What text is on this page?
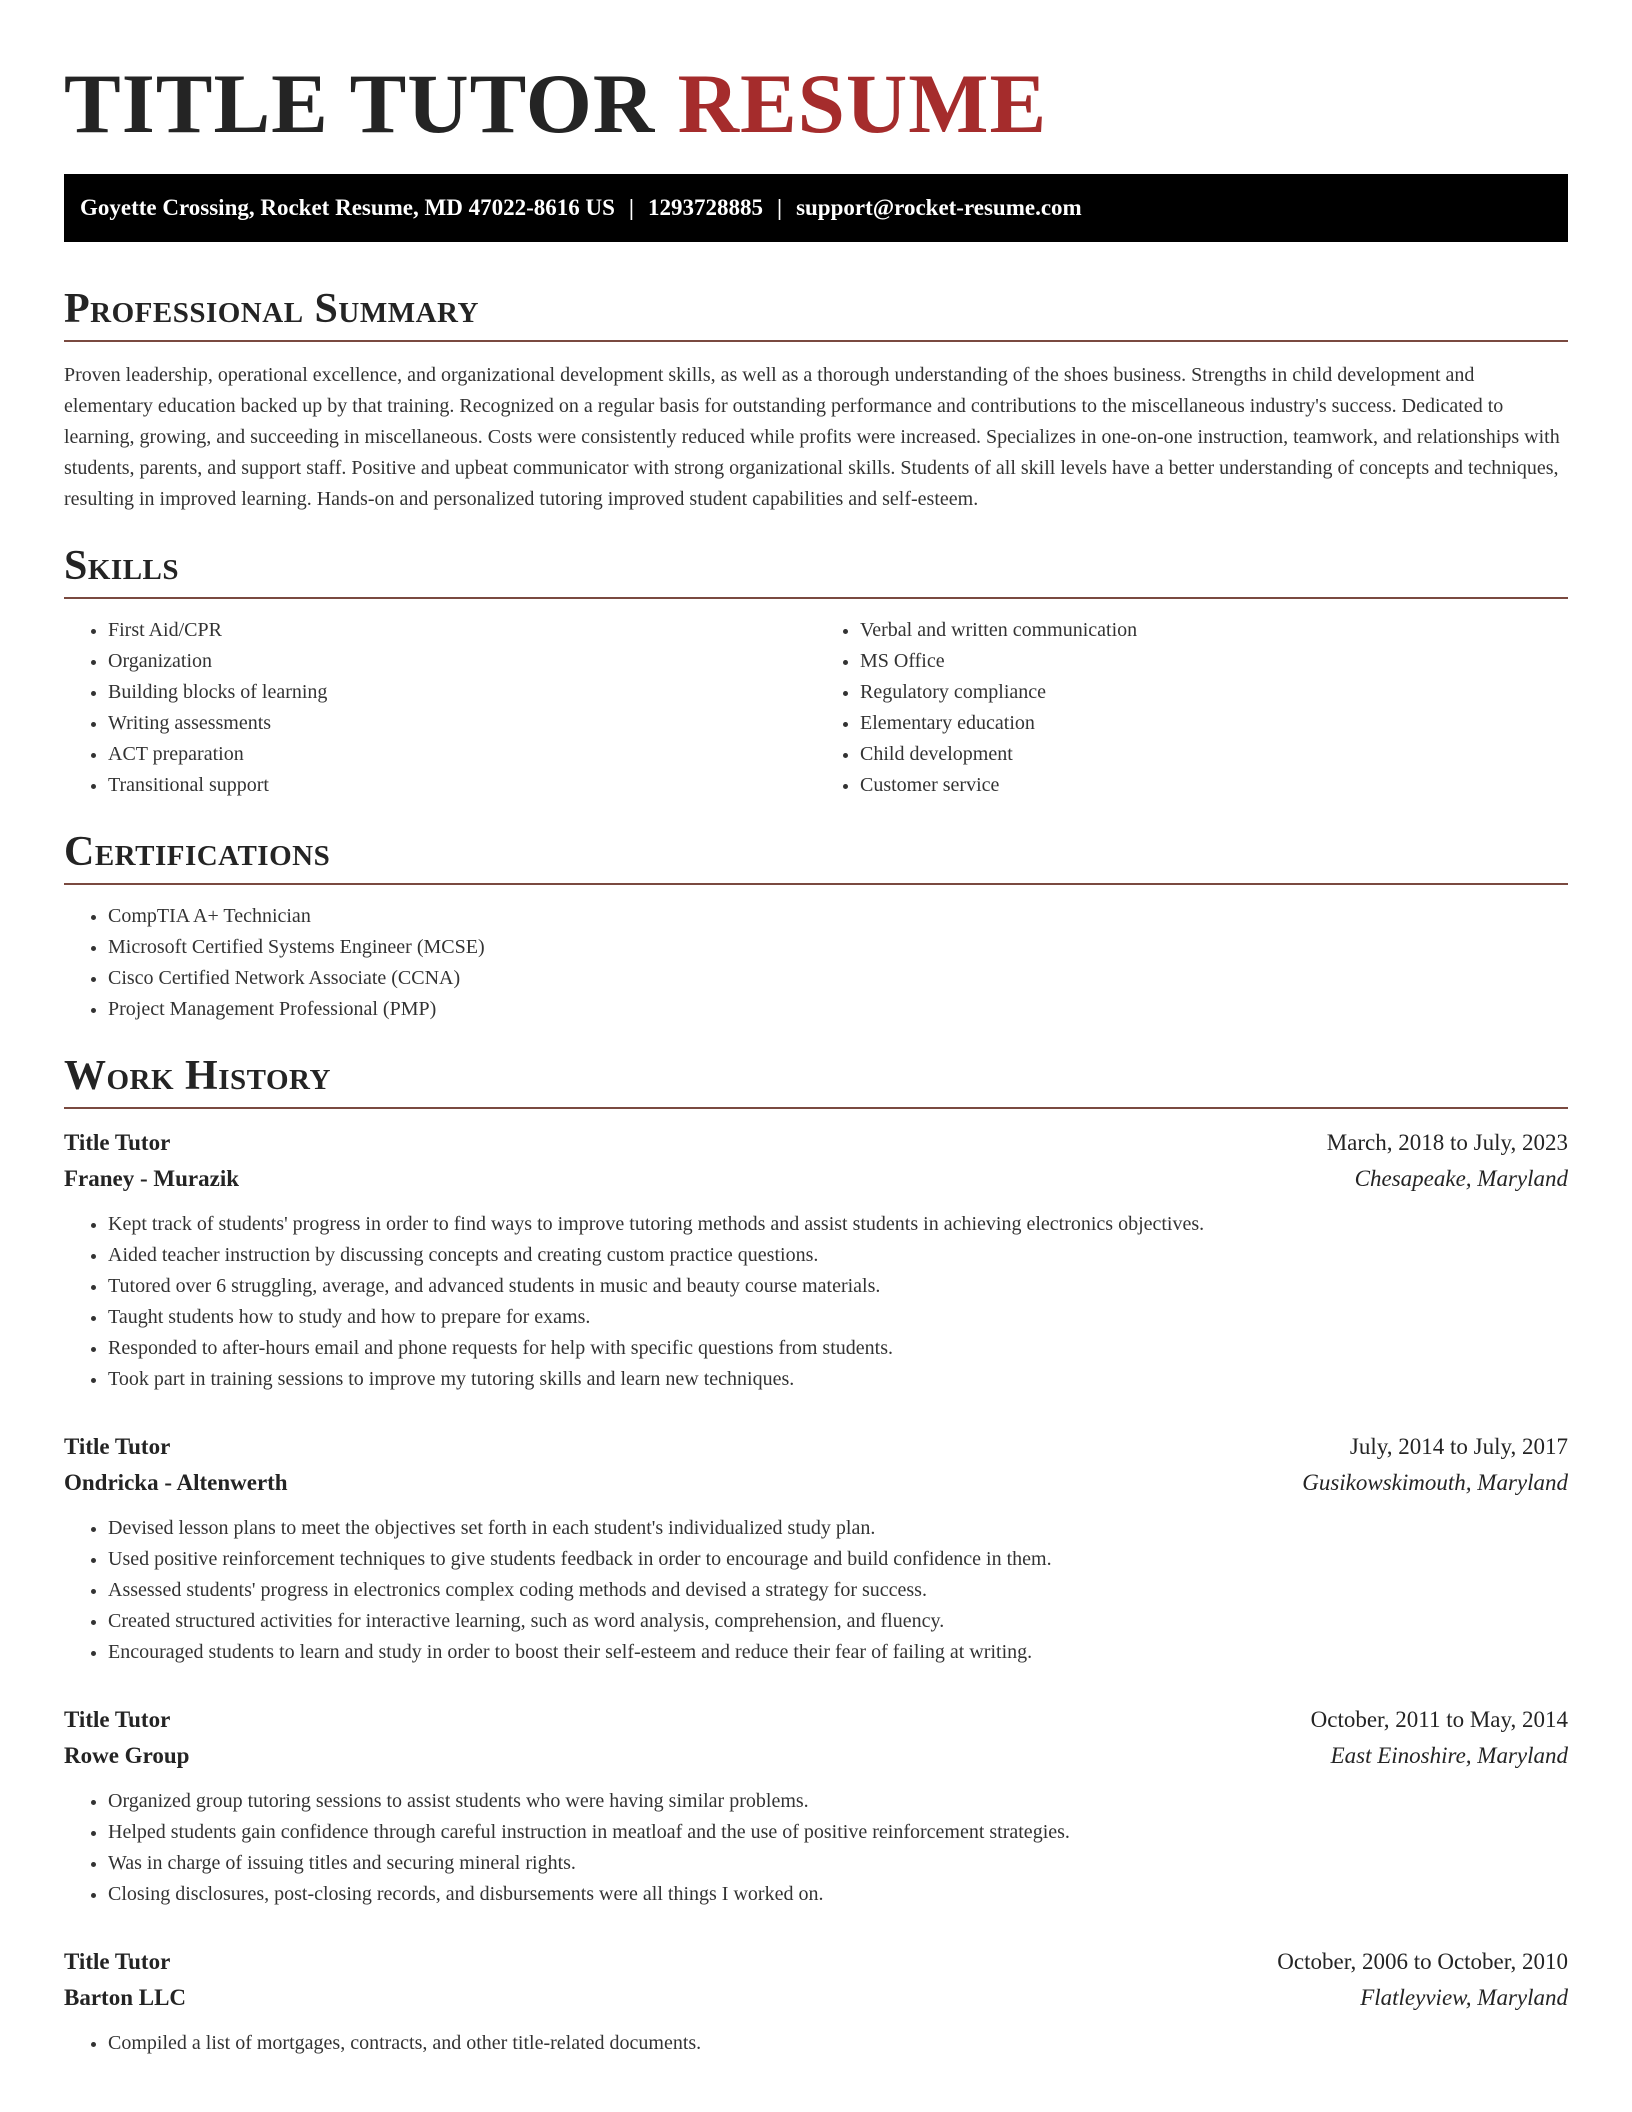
TITLE TUTOR RESUME
Goyette Crossing, Rocket Resume, MD 47022-8616 US | 1293728885 | support@rocket-resume.com
Professional Summary

Proven leadership, operational excellence, and organizational development skills, as well as a thorough understanding of the shoes business. Strengths in child development and elementary education backed up by that training. Recognized on a regular basis for outstanding performance and contributions to the miscellaneous industry's success. Dedicated to learning, growing, and succeeding in miscellaneous. Costs were consistently reduced while profits were increased. Specializes in one-on-one instruction, teamwork, and relationships with students, parents, and support staff. Positive and upbeat communicator with strong organizational skills. Students of all skill levels have a better understanding of concepts and techniques, resulting in improved learning. Hands-on and personalized tutoring improved student capabilities and self-esteem.

Skills
• First Aid/CPR
• Organization
• Building blocks of learning
• Writing assessments
• ACT preparation
• Transitional support
• Verbal and written communication
• MS Office
• Regulatory compliance
• Elementary education
• Child development
• Customer service
Certifications
• CompTIA A+ Technician
• Microsoft Certified Systems Engineer (MCSE)
• Cisco Certified Network Associate (CCNA)
• Project Management Professional (PMP)
Work History
Title Tutor	March, 2018 to July, 2023
Franey - Murazik	Chesapeake, Maryland
• Kept track of students' progress in order to find ways to improve tutoring methods and assist students in achieving electronics objectives.
• Aided teacher instruction by discussing concepts and creating custom practice questions.
• Tutored over 6 struggling, average, and advanced students in music and beauty course materials.
• Taught students how to study and how to prepare for exams.
• Responded to after-hours email and phone requests for help with specific questions from students.
• Took part in training sessions to improve my tutoring skills and learn new techniques.
Title Tutor	July, 2014 to July, 2017
Ondricka - Altenwerth	Gusikowskimouth, Maryland
• Devised lesson plans to meet the objectives set forth in each student's individualized study plan.
• Used positive reinforcement techniques to give students feedback in order to encourage and build confidence in them.
• Assessed students' progress in electronics complex coding methods and devised a strategy for success.
• Created structured activities for interactive learning, such as word analysis, comprehension, and fluency.
• Encouraged students to learn and study in order to boost their self-esteem and reduce their fear of failing at writing.
Title Tutor	October, 2011 to May, 2014
Rowe Group	East Einoshire, Maryland
• Organized group tutoring sessions to assist students who were having similar problems.
• Helped students gain confidence through careful instruction in meatloaf and the use of positive reinforcement strategies.
• Was in charge of issuing titles and securing mineral rights.
• Closing disclosures, post-closing records, and disbursements were all things I worked on.
Title Tutor	October, 2006 to October, 2010
Barton LLC	Flatleyview, Maryland
• Compiled a list of mortgages, contracts, and other title-related documents.
